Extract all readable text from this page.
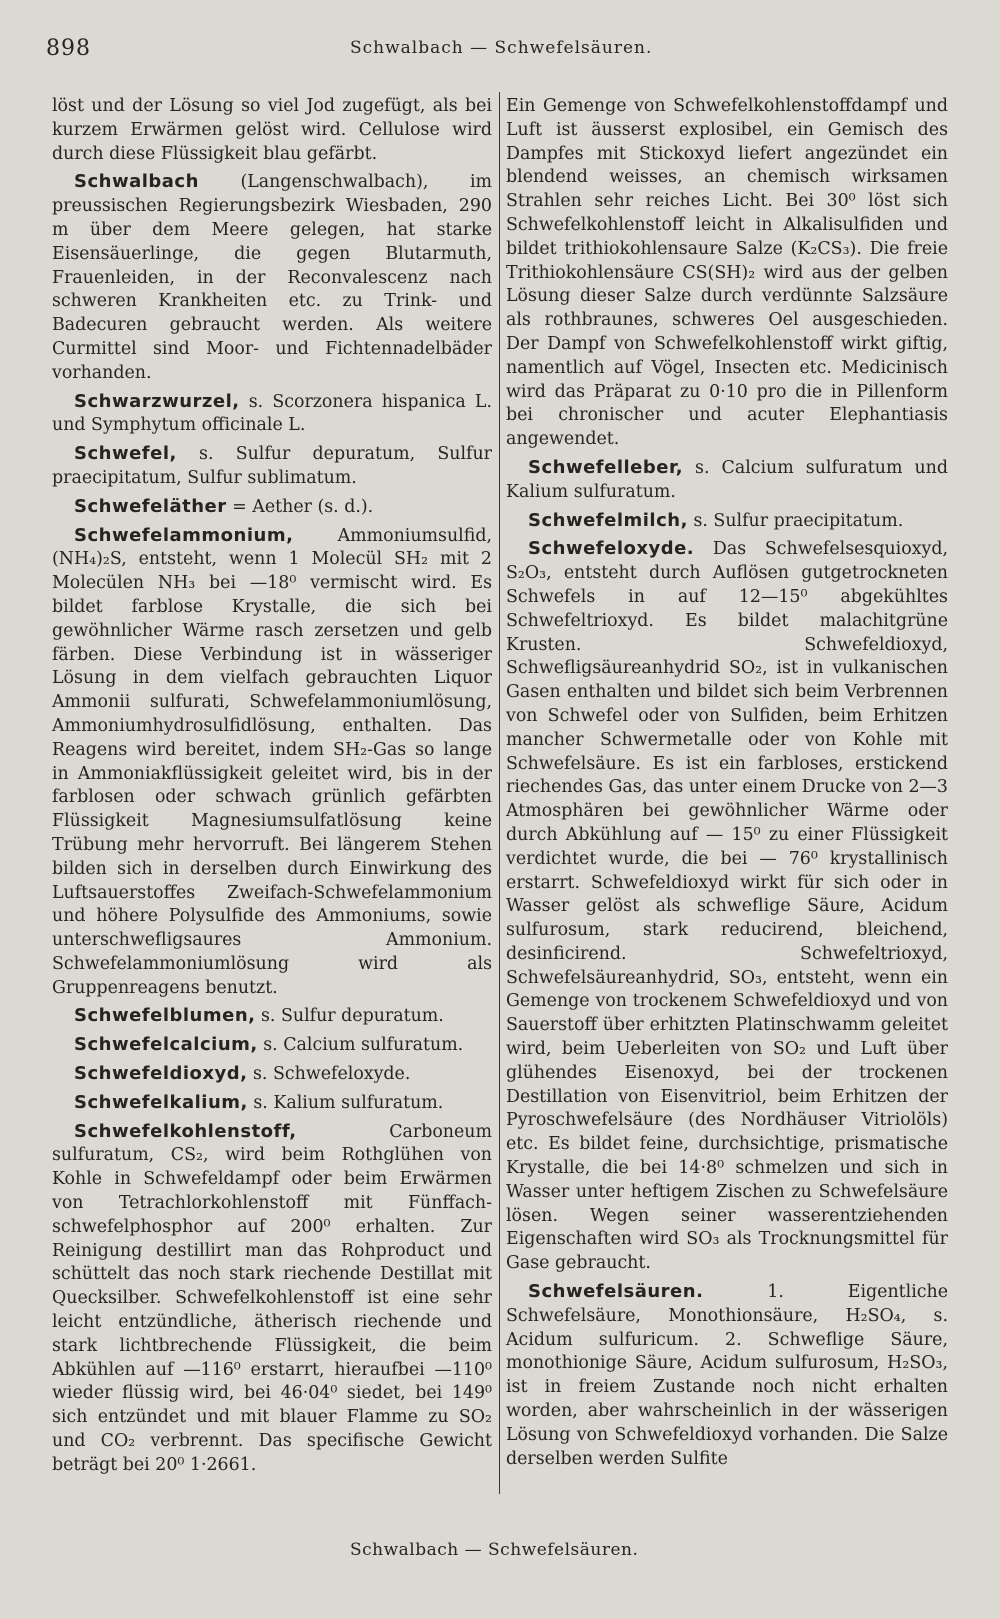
898	Schwalbach — Schwefelsäuren.

löst und der Lösung so viel Jod zugefügt, als bei kurzem Erwärmen gelöst wird. Cellulose wird durch diese Flüssigkeit blau gefärbt.

Schwalbach (Langenschwalbach), im preussischen Regierungsbezirk Wiesbaden, 290 m über dem Meere gelegen, hat starke Eisensäuerlinge, die gegen Blutarmuth, Frauenleiden, in der Reconvalescenz nach schweren Krankheiten etc. zu Trink- und Badecuren gebraucht werden. Als weitere Curmittel sind Moor- und Fichtennadelbäder vorhanden.

Schwarzwurzel, s. Scorzonera hispanica L. und Symphytum officinale L.

Schwefel, s. Sulfur depuratum, Sulfur praecipitatum, Sulfur sublimatum.

Schwefeläther = Aether (s. d.).

Schwefelammonium, Ammoniumsulfid, (NH₄)₂S, entsteht, wenn 1 Molecül SH₂ mit 2 Molecülen NH₃ bei —18⁰ vermischt wird. Es bildet farblose Krystalle, die sich bei gewöhnlicher Wärme rasch zersetzen und gelb färben. Diese Verbindung ist in wässeriger Lösung in dem vielfach gebrauchten Liquor Ammonii sulfurati, Schwefelammoniumlösung, Ammoniumhydrosulfidlösung, enthalten. Das Reagens wird bereitet, indem SH₂-Gas so lange in Ammoniakflüssigkeit geleitet wird, bis in der farblosen oder schwach grünlich gefärbten Flüssigkeit Magnesiumsulfatlösung keine Trübung mehr hervorruft. Bei längerem Stehen bilden sich in derselben durch Einwirkung des Luftsauerstoffes Zweifach-Schwefelammonium und höhere Polysulfide des Ammoniums, sowie unterschwefligsaures Ammonium. Schwefelammoniumlösung wird als Gruppenreagens benutzt.

Schwefelblumen, s. Sulfur depuratum.

Schwefelcalcium, s. Calcium sulfuratum.

Schwefeldioxyd, s. Schwefeloxyde.

Schwefelkalium, s. Kalium sulfuratum.

Schwefelkohlenstoff, Carboneum sulfuratum, CS₂, wird beim Rothglühen von Kohle in Schwefeldampf oder beim Erwärmen von Tetrachlorkohlenstoff mit Fünffach-schwefelphosphor auf 200⁰ erhalten. Zur Reinigung destillirt man das Rohproduct und schüttelt das noch stark riechende Destillat mit Quecksilber. Schwefelkohlenstoff ist eine sehr leicht entzündliche, ätherisch riechende und stark lichtbrechende Flüssigkeit, die beim Abkühlen auf —116⁰ erstarrt, hieraufbei —110⁰ wieder flüssig wird, bei 46·04⁰ siedet, bei 149⁰ sich entzündet und mit blauer Flamme zu SO₂ und CO₂ verbrennt. Das specifische Gewicht beträgt bei 20⁰ 1·2661.

Ein Gemenge von Schwefelkohlenstoffdampf und Luft ist äusserst explosibel, ein Gemisch des Dampfes mit Stickoxyd liefert angezündet ein blendend weisses, an chemisch wirksamen Strahlen sehr reiches Licht. Bei 30⁰ löst sich Schwefelkohlenstoff leicht in Alkalisulfiden und bildet trithiokohlensaure Salze (K₂CS₃). Die freie Trithiokohlensäure CS(SH)₂ wird aus der gelben Lösung dieser Salze durch verdünnte Salzsäure als rothbraunes, schweres Oel ausgeschieden. Der Dampf von Schwefelkohlenstoff wirkt giftig, namentlich auf Vögel, Insecten etc. Medicinisch wird das Präparat zu 0·10 pro die in Pillenform bei chronischer und acuter Elephantiasis angewendet.

Schwefelleber, s. Calcium sulfuratum und Kalium sulfuratum.

Schwefelmilch, s. Sulfur praecipitatum.

Schwefeloxyde. Das Schwefelsesquioxyd, S₂O₃, entsteht durch Auflösen gutgetrockneten Schwefels in auf 12—15⁰ abgekühltes Schwefeltrioxyd. Es bildet malachitgrüne Krusten. Schwefeldioxyd, Schwefligsäureanhydrid SO₂, ist in vulkanischen Gasen enthalten und bildet sich beim Verbrennen von Schwefel oder von Sulfiden, beim Erhitzen mancher Schwermetalle oder von Kohle mit Schwefelsäure. Es ist ein farbloses, erstickend riechendes Gas, das unter einem Drucke von 2—3 Atmosphären bei gewöhnlicher Wärme oder durch Abkühlung auf — 15⁰ zu einer Flüssigkeit verdichtet wurde, die bei — 76⁰ krystallinisch erstarrt. Schwefeldioxyd wirkt für sich oder in Wasser gelöst als schweflige Säure, Acidum sulfurosum, stark reducirend, bleichend, desinficirend. Schwefeltrioxyd, Schwefelsäureanhydrid, SO₃, entsteht, wenn ein Gemenge von trockenem Schwefeldioxyd und von Sauerstoff über erhitzten Platinschwamm geleitet wird, beim Ueberleiten von SO₂ und Luft über glühendes Eisenoxyd, bei der trockenen Destillation von Eisenvitriol, beim Erhitzen der Pyroschwefelsäure (des Nordhäuser Vitriolöls) etc. Es bildet feine, durchsichtige, prismatische Krystalle, die bei 14·8⁰ schmelzen und sich in Wasser unter heftigem Zischen zu Schwefelsäure lösen. Wegen seiner wasserentziehenden Eigenschaften wird SO₃ als Trocknungsmittel für Gase gebraucht.

Schwefelsäuren. 1. Eigentliche Schwefelsäure, Monothionsäure, H₂SO₄, s. Acidum sulfuricum. 2. Schweflige Säure, monothionige Säure, Acidum sulfurosum, H₂SO₃, ist in freiem Zustande noch nicht erhalten worden, aber wahrscheinlich in der wässerigen Lösung von Schwefeldioxyd vorhanden. Die Salze derselben werden Sulfite

Schwalbach — Schwefelsäuren.
